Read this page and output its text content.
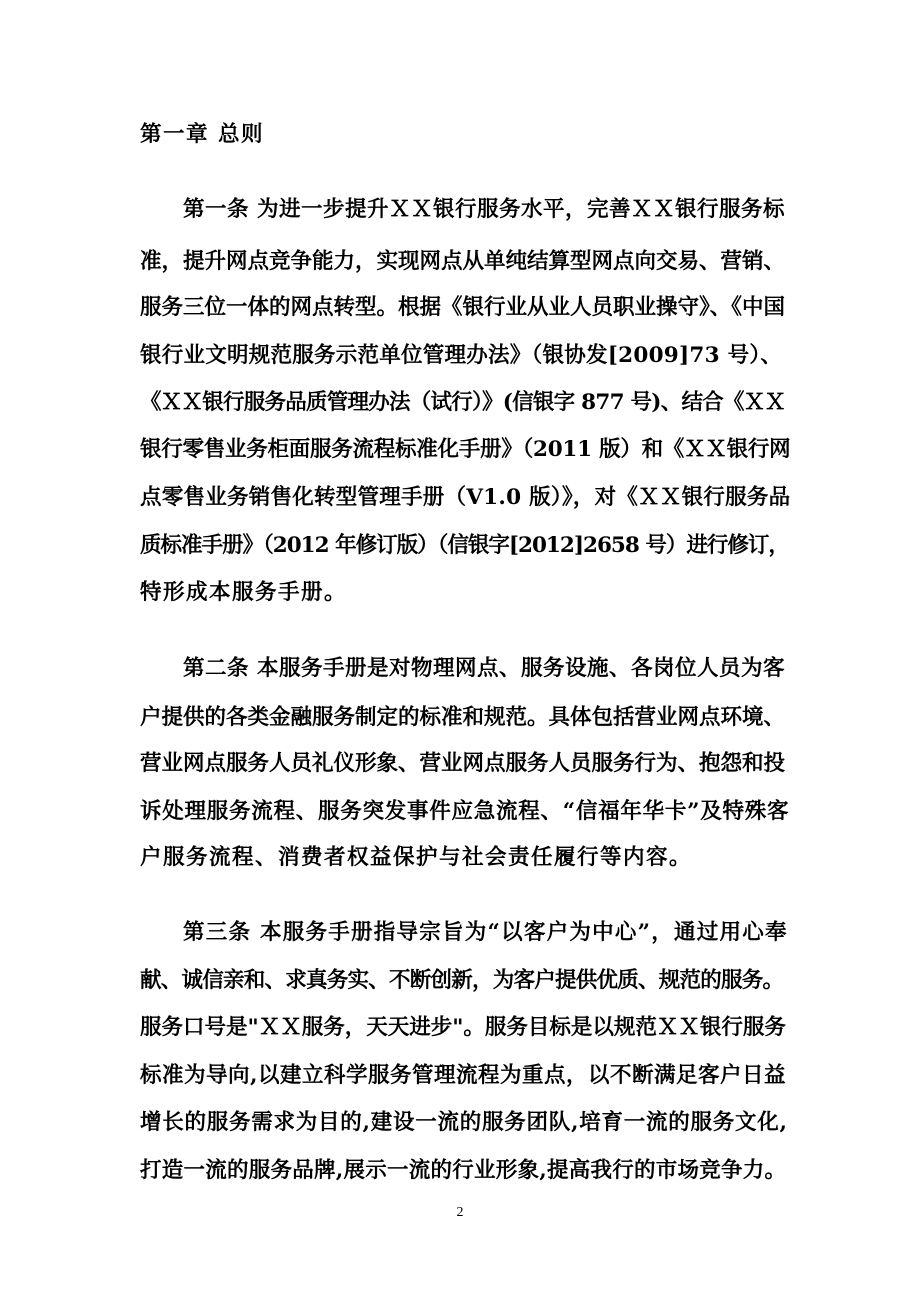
第一章 总则
第一条 为进一步提升ＸＸ银行服务水平，完善ＸＸ银行服务标
准，提升网点竞争能力，实现网点从单纯结算型网点向交易、营销、
服务三位一体的网点转型。根据《银行业从业人员职业操守》、《中国
银行业文明规范服务示范单位管理办法》（银协发[2009]73 号）、
《ＸＸ银行服务品质管理办法（试行）》(信银字 877 号)、结合《ＸＸ
银行零售业务柜面服务流程标准化手册》（2011 版）和《ＸＸ银行网
点零售业务销售化转型管理手册（V1.0 版）》，对《ＸＸ银行服务品
质标准手册》（2012 年修订版）（信银字[2012]2658 号）进行修订，
特形成本服务手册。
第二条 本服务手册是对物理网点、服务设施、各岗位人员为客
户提供的各类金融服务制定的标准和规范。具体包括营业网点环境、
营业网点服务人员礼仪形象、营业网点服务人员服务行为、抱怨和投
诉处理服务流程、服务突发事件应急流程、“信福年华卡”及特殊客
户服务流程、消费者权益保护与社会责任履行等内容。
第三条 本服务手册指导宗旨为“以客户为中心”，通过用心奉
献、诚信亲和、求真务实、不断创新，为客户提供优质、规范的服务。
服务口号是"ＸＸ服务，天天进步"。服务目标是以规范ＸＸ银行服务
标准为导向,以建立科学服务管理流程为重点，以不断满足客户日益
增长的服务需求为目的,建设一流的服务团队,培育一流的服务文化,
打造一流的服务品牌,展示一流的行业形象,提高我行的市场竞争力。
2
